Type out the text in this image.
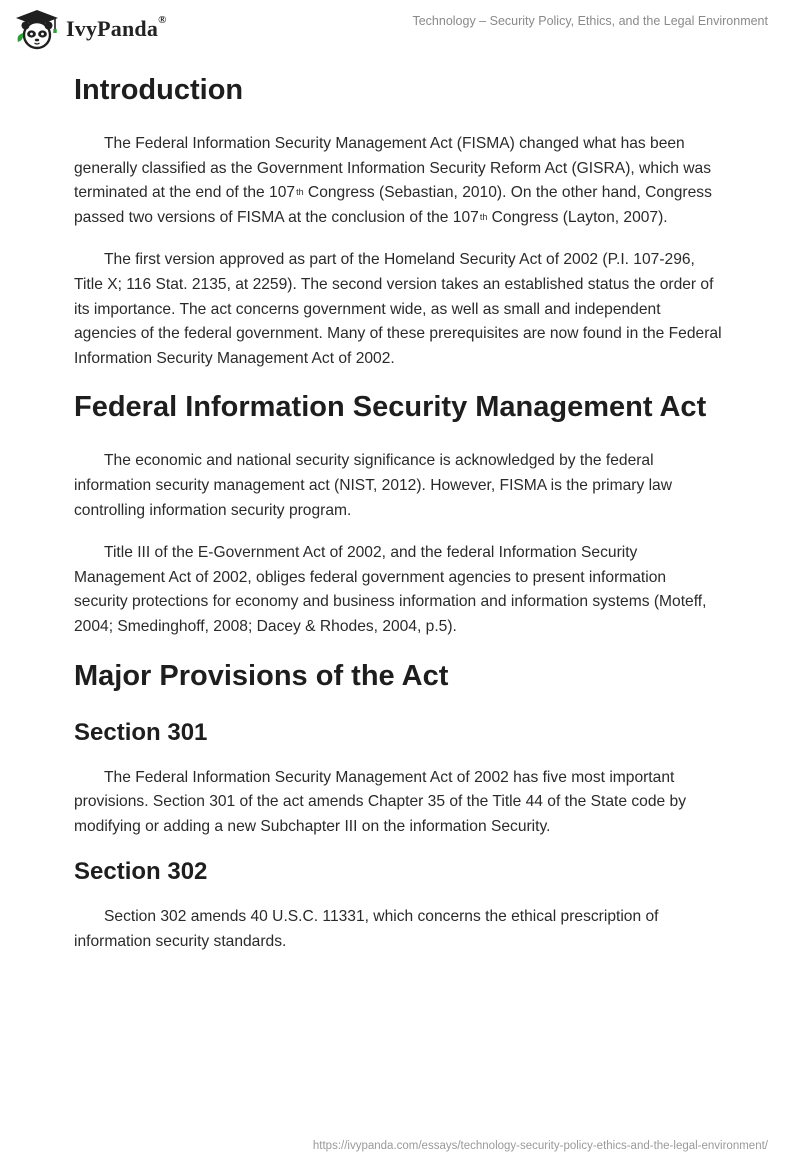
IvyPanda®	Technology – Security Policy, Ethics, and the Legal Environment
Introduction

The Federal Information Security Management Act (FISMA) changed what has been generally classified as the Government Information Security Reform Act (GISRA), which was terminated at the end of the 107th Congress (Sebastian, 2010). On the other hand, Congress passed two versions of FISMA at the conclusion of the 107th Congress (Layton, 2007).

The first version approved as part of the Homeland Security Act of 2002 (P.I. 107-296, Title X; 116 Stat. 2135, at 2259). The second version takes an established status the order of its importance. The act concerns government wide, as well as small and independent agencies of the federal government. Many of these prerequisites are now found in the Federal Information Security Management Act of 2002.

Federal Information Security Management Act

The economic and national security significance is acknowledged by the federal information security management act (NIST, 2012). However, FISMA is the primary law controlling information security program.

Title III of the E-Government Act of 2002, and the federal Information Security Management Act of 2002, obliges federal government agencies to present information security protections for economy and business information and information systems (Moteff, 2004; Smedinghoff, 2008; Dacey & Rhodes, 2004, p.5).

Major Provisions of the Act
Section 301

The Federal Information Security Management Act of 2002 has five most important provisions. Section 301 of the act amends Chapter 35 of the Title 44 of the State code by modifying or adding a new Subchapter III on the information Security.

Section 302

Section 302 amends 40 U.S.C. 11331, which concerns the ethical prescription of information security standards.

https://ivypanda.com/essays/technology-security-policy-ethics-and-the-legal-environment/
